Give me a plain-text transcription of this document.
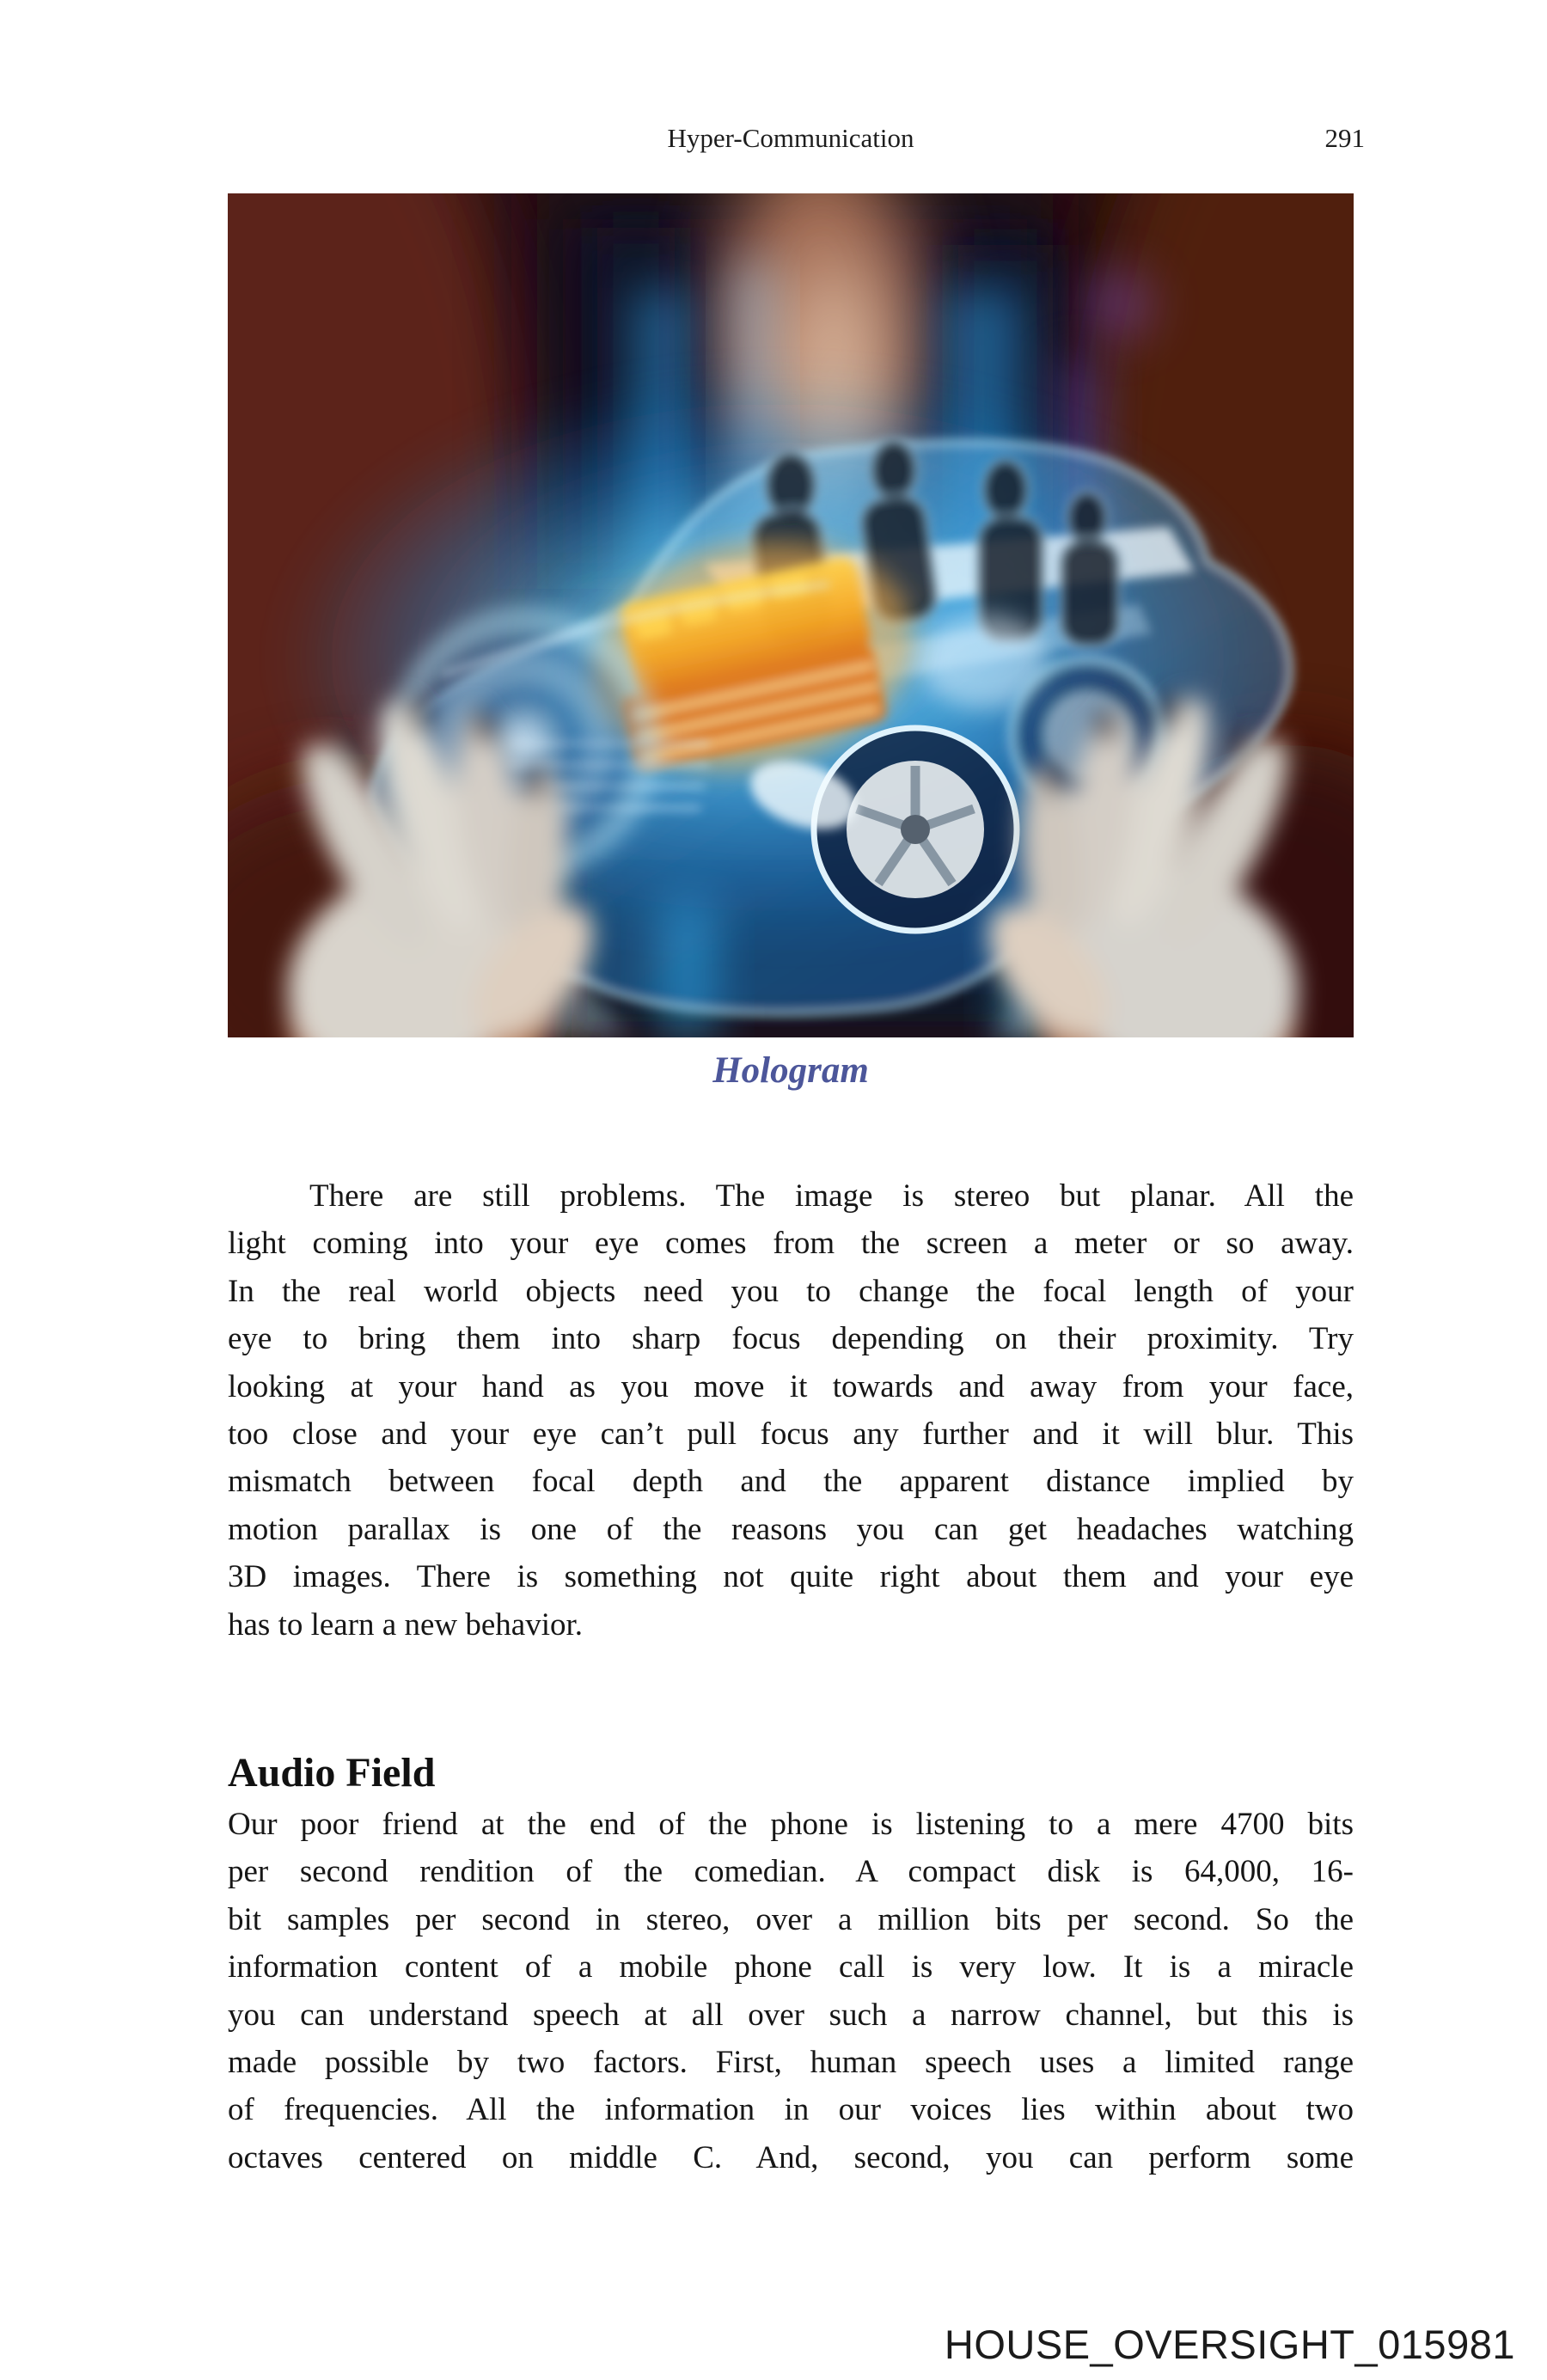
Hyper-Communication	291
Hologram
There are still problems. The image is stereo but planar. All the
light coming into your eye comes from the screen a meter or so away.
In the real world objects need you to change the focal length of your
eye to bring them into sharp focus depending on their proximity. Try
looking at your hand as you move it towards and away from your face,
too close and your eye can’t pull focus any further and it will blur. This
mismatch between focal depth and the apparent distance implied by
motion parallax is one of the reasons you can get headaches watching
3D images. There is something not quite right about them and your eye
has to learn a new behavior.
Audio Field
Our poor friend at the end of the phone is listening to a mere 4700 bits
per second rendition of the comedian. A compact disk is 64,000, 16-
bit samples per second in stereo, over a million bits per second. So the
information content of a mobile phone call is very low. It is a miracle
you can understand speech at all over such a narrow channel, but this is
made possible by two factors. First, human speech uses a limited range
of frequencies. All the information in our voices lies within about two
octaves centered on middle C. And, second, you can perform some
HOUSE_OVERSIGHT_015981
